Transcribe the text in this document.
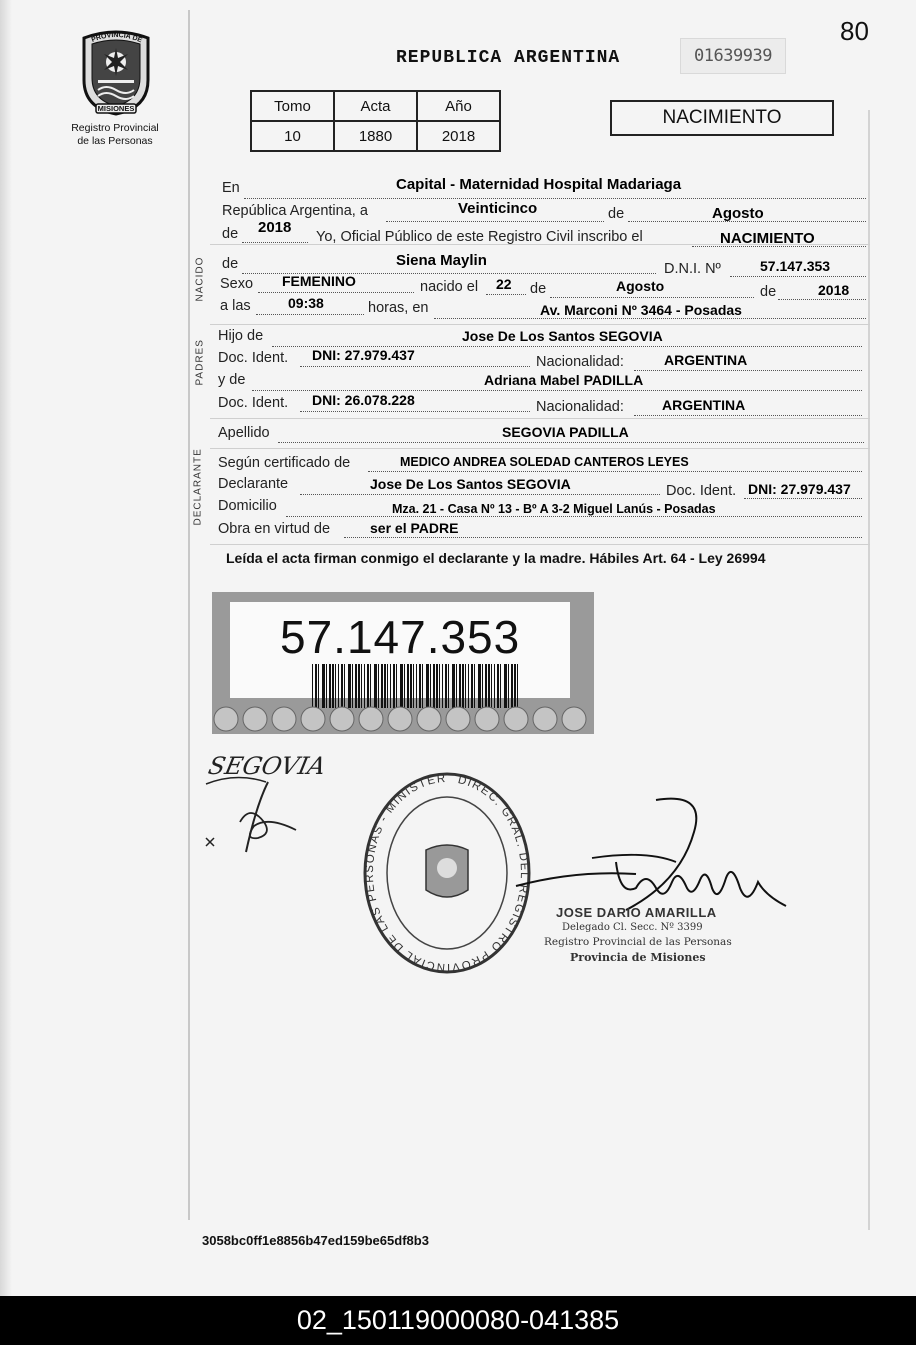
80
PROVINCIA DE
MISIONES
Registro Provincial
de las Personas
REPUBLICA ARGENTINA	01639939
Tomo	Acta	Año
10	1880	2018
NACIMIENTO
NACIDO
PADRES
DECLARANTE
En	Capital - Maternidad Hospital Madariaga
República Argentina, a	Veinticinco	de	Agosto
de 2018
Yo, Oficial Público de este Registro Civil inscribo el	NACIMIENTO
de	Siena Maylin	D.N.I. Nº	57.147.353
Sexo FEMENINO	nacido el 22 de	Agosto	de	2018
a las	09:38	horas, en	Av. Marconi Nº 3464 - Posadas
Hijo de	Jose De Los Santos SEGOVIA
Doc. Ident. DNI: 27.979.437	Nacionalidad:	ARGENTINA
y de	Adriana Mabel PADILLA
Doc. Ident. DNI: 26.078.228	Nacionalidad:	ARGENTINA
Apellido	SEGOVIA PADILLA
Según certificado de	MEDICO ANDREA SOLEDAD CANTEROS LEYES
Declarante	Jose De Los Santos SEGOVIA	Doc. Ident. DNI: 27.979.437
Domicilio	Mza. 21 - Casa Nº 13 - Bº A 3-2 Miguel Lanús - Posadas
Obra en virtud de	ser el PADRE
Leída el acta firman conmigo el declarante y la madre. Hábiles Art. 64 - Ley 26994
57.147.353
SEGOVIA
DIREC. GRAL. DEL REGISTRO PROVINCIAL DE LAS PERSONAS - MINISTERIO DE GOBIERNO
JOSE DARIO AMARILLA
Delegado Cl. Secc. Nº 3399
Registro Provincial de las Personas
Provincia de Misiones
3058bc0ff1e8856b47ed159be65df8b3
02_150119000080-041385
